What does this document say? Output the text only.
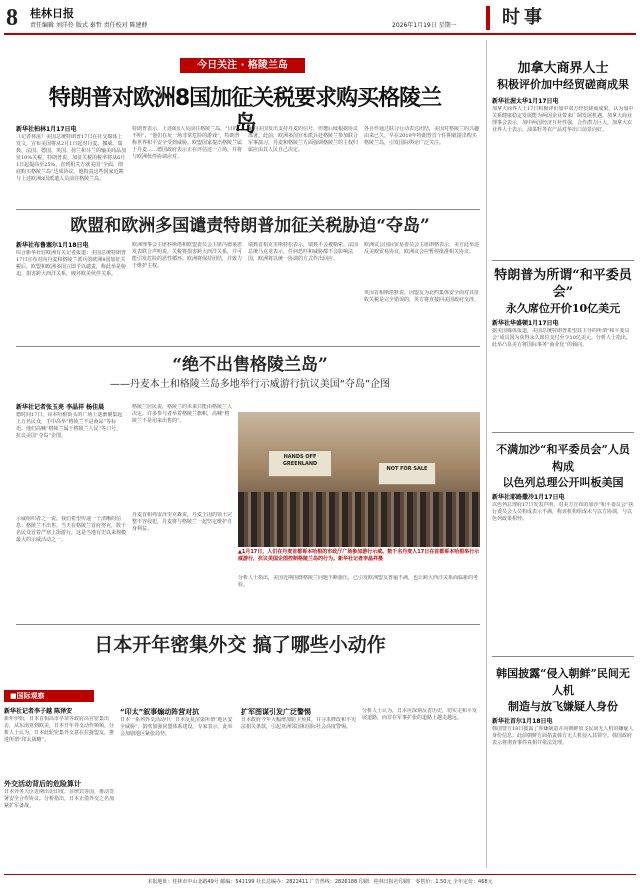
8 桂林日报
责任编辑 刘洋伶 版式 秦哲 责任校对 陈建薛	2026年1月19日 星期一	时事
今日关注 · 格陵兰岛
特朗普对欧洲8国加征关税要求购买格陵兰岛
新华社柏林1月17日电
（记者林滋）美国总统特朗普17日在社交媒体上发文，宣布美国将从2月1日起对丹麦、挪威、瑞典、法国、德国、英国、荷兰和芬兰的输美商品加征10%关税。特朗普说，加征关税的税率将从6月1日起提高至25%，直到相关方就美国“全面、彻底购买格陵兰岛”达成协议。他指责这些国家近期与上述欧洲8国派遣人员前往格陵兰岛。
特朗普表示，上述8国人员前往格陵兰岛，“目的不明”，“他们在玩一场非常危险的游戏”，特朗普称世界和平安全受到威胁。欧盟国家提出格陵兰属于丹麦……德国政府表示正在评估这一立场，并将与欧洲伙伴协调应对。
家向美国发出支持丹麦的信号，但遭后续根据协议部署。此前，欧洲多国宣布派兵赴格陵兰参加联合军事演习，丹麦和格陵兰方面强调格陵兰的主权归属应由其人民自己决定。
各自作通过联合行动表达团结，美国对格陵兰的兴趣由来已久，早在2019年特朗普首个任期就提出购买格陵兰岛，引发国际舆论广泛关注。
欧盟和欧洲多国谴责特朗普加征关税胁迫“夺岛”
新华社布鲁塞尔1月18日电
综合新华社驻欧洲有关记者报道：美国总统特朗普17日宣布对向丹麦和格陵兰派兵的欧洲8国加征关税后，欧盟和欧洲多国立即予以谴责，称此举是胁迫，损害跨大西洋关系，破坏欧美伙伴关系。
欧洲理事会主席科斯塔和欧盟委员会主席冯德莱恩发表联合声明说，关税将损害跨大西洋关系，并可能引发危险的恶性循环。欧洲将保持团结，并致力于维护主权。
瑞典首相克里斯特松表示，瑞典不会被勒索。法国总统马克龙表示，任何恐吓和威胁都不会影响法国，欧洲将以统一协调的方式作出回应。
欧洲议会国际贸易委员会主席朗格表示，美方此举违反美欧贸易协议，欧洲议会应暂停批准相关协议。
英国首相斯塔默说，因盟友为北约集体安全而对其征收关税是完全错误的，英方将直接同美国政府交涉。
“绝不出售格陵兰岛”
——丹麦本土和格陵兰岛多地举行示威游行抗议美国“夺岛”企图
新华社记者张玉亮 李晶祥 杨佳晨
德时间17日，哥本哈根街头的广场上逐渐聚集起上万名民众，手中高举“格陵兰不是商品”等标语。他们高喊“格陵兰属于格陵兰人民”等口号，抗议美国“夺岛”企图。
示威组织者之一说，我们希望传递一个清晰的信息：格陵兰不出售。当天在格陵兰首府努克，数千名民众冒着严寒上街游行，这是当地有史以来规模最大的示威活动之一。
格陵兰居民说，格陵兰的未来只能由格陵兰人决定。许多参与者举着格陵兰旗帜，高喊“格陵兰不是用来出售的”。
丹麦首相弗雷泽里克森说，丹麦王国的领土完整不容侵犯，丹麦将与格陵兰一起坚定维护自身利益。
HANDS OFF GREENLAND
NOT FOR SALE
▲1月17日，人们在丹麦首都哥本哈根的市政厅广场参加游行示威。数千名丹麦人17日在首都哥本哈根举行示威游行，抗议美国企图控制格陵兰岛的行为。新华社记者李晶祥摄
分析人士指出，美国近期围绕格陵兰问题不断施压，已引发欧洲盟友普遍不满，也让跨大西洋关系面临新的考验。
日本开年密集外交 搞了哪些小动作
■国际观察
新华社记者李子越 陈泽安
新年伊始，日本首相高市早苗等政府高官密集出访，从东南亚到欧美，日本开年外交动作频频。分析人士认为，日本此轮密集外交意在拉拢盟友，推进所谓“印太战略”。
外交活动背后的危险算计
日本外务大臣近期出访印度、菲律宾等国，推动签署安全合作协议。分析指出，日本正借外交之名加紧扩军备战。
“印太”叙事煽动阵营对抗
日本一系列外交活动中，日本反复渲染所谓“地区安全威胁”，鼓吹加强同盟体系建设。专家表示，此举会加剧地区紧张局势。
扩军图谋引发广泛警惕
日本政府今年大幅增加防卫预算，并寻求修改和平宪法相关条款，引起亚洲邻国和国际社会高度警惕。
分析人士认为，日本应深刻反省历史，切实走和平发展道路，而非在军事扩张的道路上越走越远。
加拿大商界人士
积极评价加中经贸磋商成果
新华社渥太华1月17日电
加拿大商界人士17日积极评价加中双方经贸磋商成果，认为加中关系健康稳定发展能为两国企业带来广阔发展机遇。加拿大商业理事会表示，加中两国经济互补性强，合作潜力巨大。加拿大农业界人士表示，油菜籽等农产品对华出口前景向好。
特朗普为所谓“和平委员会”
永久席位开价10亿美元
新华社华盛顿1月17日电
据美国媒体报道，美国总统特朗普希望其主导的所谓“和平委员会”成员国为获得永久席位支付至少10亿美元。分析人士指出，此举凸显美方将国际事务“商业化”的倾向。
不满加沙“和平委员会”人员构成
以色列总理公开叫板美国
新华社耶路撒冷1月17日电
以色列总理府17日发表声明，对美方宣布的加沙“和平委员会”执行委员会人员构成表示不满，称该机构组成未与以方协调，与以色列政策相悖。
韩国披露“侵入朝鲜”民间无人机
制造与放飞嫌疑人身份
新华社首尔1月18日电
韩国警方18日披露了涉嫌制造并向朝鲜放飞民间无人机的嫌疑人身份信息。此前朝鲜方面指责韩方无人机侵入其领空。韩国政府表示将彻查事件真相并依法处理。
本报地址：桂林市中山北路49号 邮编：541199 社长总编办：2822411 广告热线：2826188 印刷：桂林日报社印刷厂 零售价：1.50元 全年定价：468元
